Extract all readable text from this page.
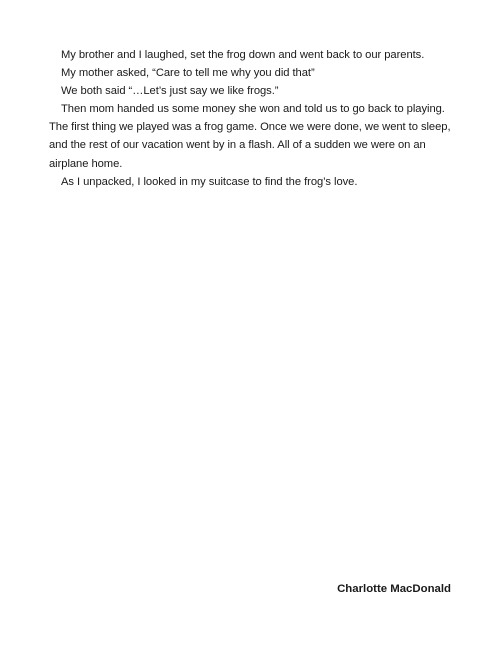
My brother and I laughed, set the frog down and went back to our parents.

My mother asked, “Care to tell me why you did that”

We both said “…Let’s just say we like frogs.”

Then mom handed us some money she won and told us to go back to playing. The first thing we played was a frog game. Once we were done, we went to sleep, and the rest of our vacation went by in a flash. All of a sudden we were on an airplane home.

As I unpacked, I looked in my suitcase to find the frog’s love.

Charlotte MacDonald
